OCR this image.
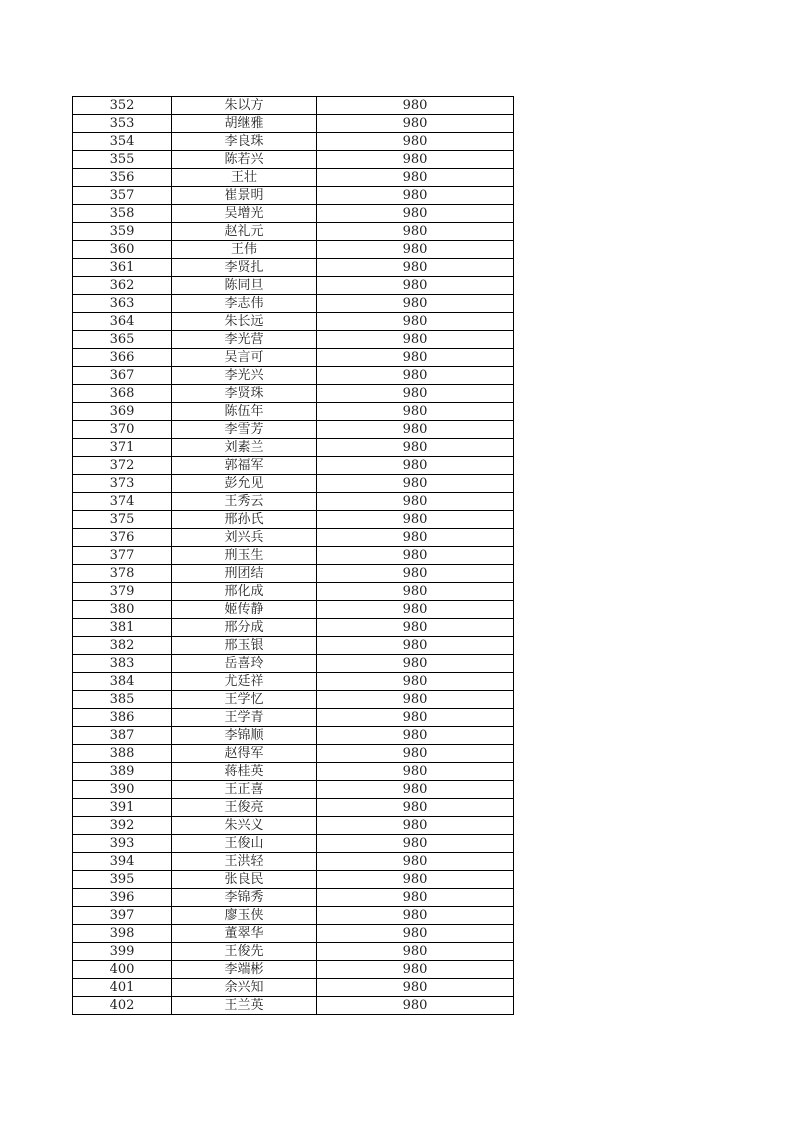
352	朱以方	980
353	胡继雅	980
354	李良珠	980
355	陈若兴	980
356	王壮	980
357	崔景明	980
358	吴增光	980
359	赵礼元	980
360	王伟	980
361	李贤扎	980
362	陈同旦	980
363	李志伟	980
364	朱长远	980
365	李光营	980
366	吴言可	980
367	李光兴	980
368	李贤珠	980
369	陈伍年	980
370	李雪芳	980
371	刘素兰	980
372	郭福军	980
373	彭允见	980
374	王秀云	980
375	邢孙氏	980
376	刘兴兵	980
377	刑玉生	980
378	刑团结	980
379	邢化成	980
380	姬传静	980
381	邢分成	980
382	邢玉银	980
383	岳喜玲	980
384	尤廷祥	980
385	王学忆	980
386	王学青	980
387	李锦顺	980
388	赵得军	980
389	蒋桂英	980
390	王正喜	980
391	王俊亮	980
392	朱兴义	980
393	王俊山	980
394	王洪轻	980
395	张良民	980
396	李锦秀	980
397	廖玉侠	980
398	董翠华	980
399	王俊先	980
400	李端彬	980
401	余兴知	980
402	王兰英	980
